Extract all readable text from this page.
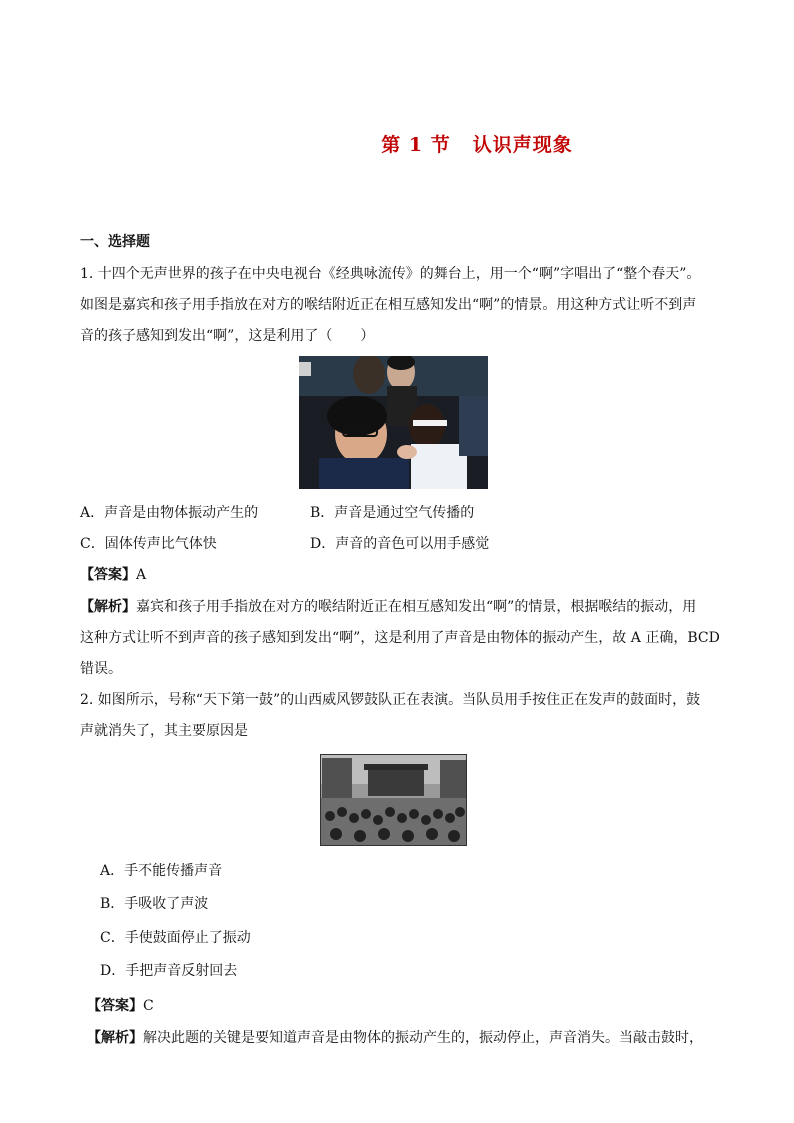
第 1 节 认识声现象
一、选择题
1. 十四个无声世界的孩子在中央电视台《经典咏流传》的舞台上，用一个“啊”字唱出了“整个春天”。
如图是嘉宾和孩子用手指放在对方的喉结附近正在相互感知发出“啊”的情景。用这种方式让听不到声
音的孩子感知到发出“啊”，这是利用了（　　）
A．声音是由物体振动产生的	B．声音是通过空气传播的
C．固体传声比气体快	D．声音的音色可以用手感觉
【答案】A
【解析】嘉宾和孩子用手指放在对方的喉结附近正在相互感知发出“啊”的情景，根据喉结的振动，用
这种方式让听不到声音的孩子感知到发出“啊”，这是利用了声音是由物体的振动产生，故 A 正确，BCD
错误。
2. 如图所示，号称“天下第一鼓”的山西威风锣鼓队正在表演。当队员用手按住正在发声的鼓面时，鼓
声就消失了，其主要原因是
A．手不能传播声音
B．手吸收了声波
C．手使鼓面停止了振动
D．手把声音反射回去
【答案】C
【解析】解决此题的关键是要知道声音是由物体的振动产生的，振动停止，声音消失。当敲击鼓时，
